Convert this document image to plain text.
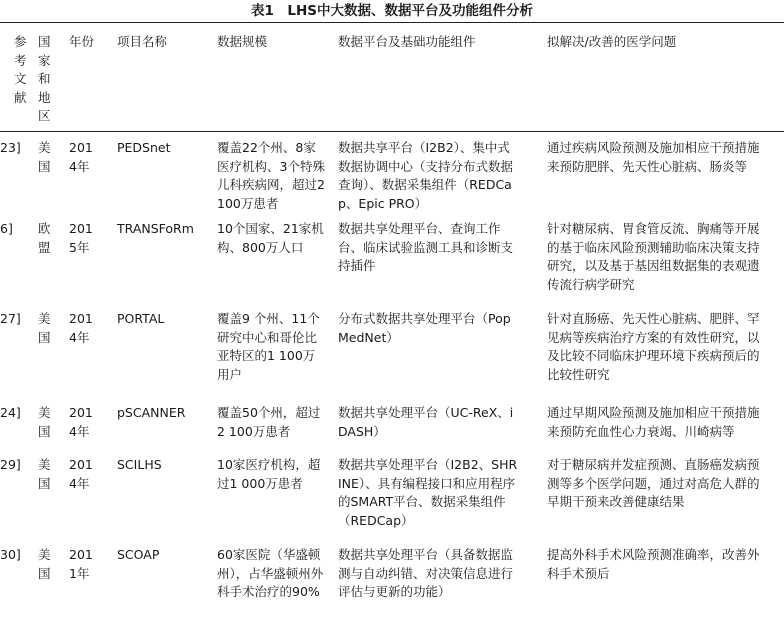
表1　LHS中大数据、数据平台及功能组件分析
参考文献	国家和地区	年份	项目名称	数据规模	数据平台及基础功能组件	拟解决/改善的医学问题
23]	美国	2014年	PEDSnet	覆盖22个州、8家医疗机构、3个特殊儿科疾病网，超过2 100万患者	数据共享平台（I2B2）、集中式数据协调中心（支持分布式数据查询）、数据采集组件（REDCap、Epic PRO）	通过疾病风险预测及施加相应干预措施来预防肥胖、先天性心脏病、肠炎等

6]	欧盟	2015年	TRANSFoRm	10个国家、21家机构、800万人口	数据共享处理平台、查询工作台、临床试验监测工具和诊断支持插件	针对糖尿病、胃食管反流、胸痛等开展的基于临床风险预测辅助临床决策支持研究，以及基于基因组数据集的表观遗传流行病学研究

27]	美国	2014年	PORTAL	覆盖9 个州、11个研究中心和哥伦比亚特区的1 100万用户	分布式数据共享处理平台（PopMedNet）	针对直肠癌、先天性心脏病、肥胖、罕见病等疾病治疗方案的有效性研究，以及比较不同临床护理环境下疾病预后的比较性研究

24]	美国	2014年	pSCANNER	覆盖50个州，超过2 100万患者	数据共享处理平台（UC-ReX、iDASH）	通过早期风险预测及施加相应干预措施来预防充血性心力衰竭、川崎病等

29]	美国	2014年	SCILHS	10家医疗机构，超过1 000万患者	数据共享处理平台（I2B2、SHRINE）、具有编程接口和应用程序的SMART平台、数据采集组件（REDCap）	对于糖尿病并发症预测、直肠癌发病预测等多个医学问题，通过对高危人群的早期干预来改善健康结果

30]	美国	2011年	SCOAP	60家医院（华盛顿州），占华盛顿州外科手术治疗的90%	数据共享处理平台（具备数据监测与自动纠错、对决策信息进行评估与更新的功能）	提高外科手术风险预测准确率，改善外科手术预后
